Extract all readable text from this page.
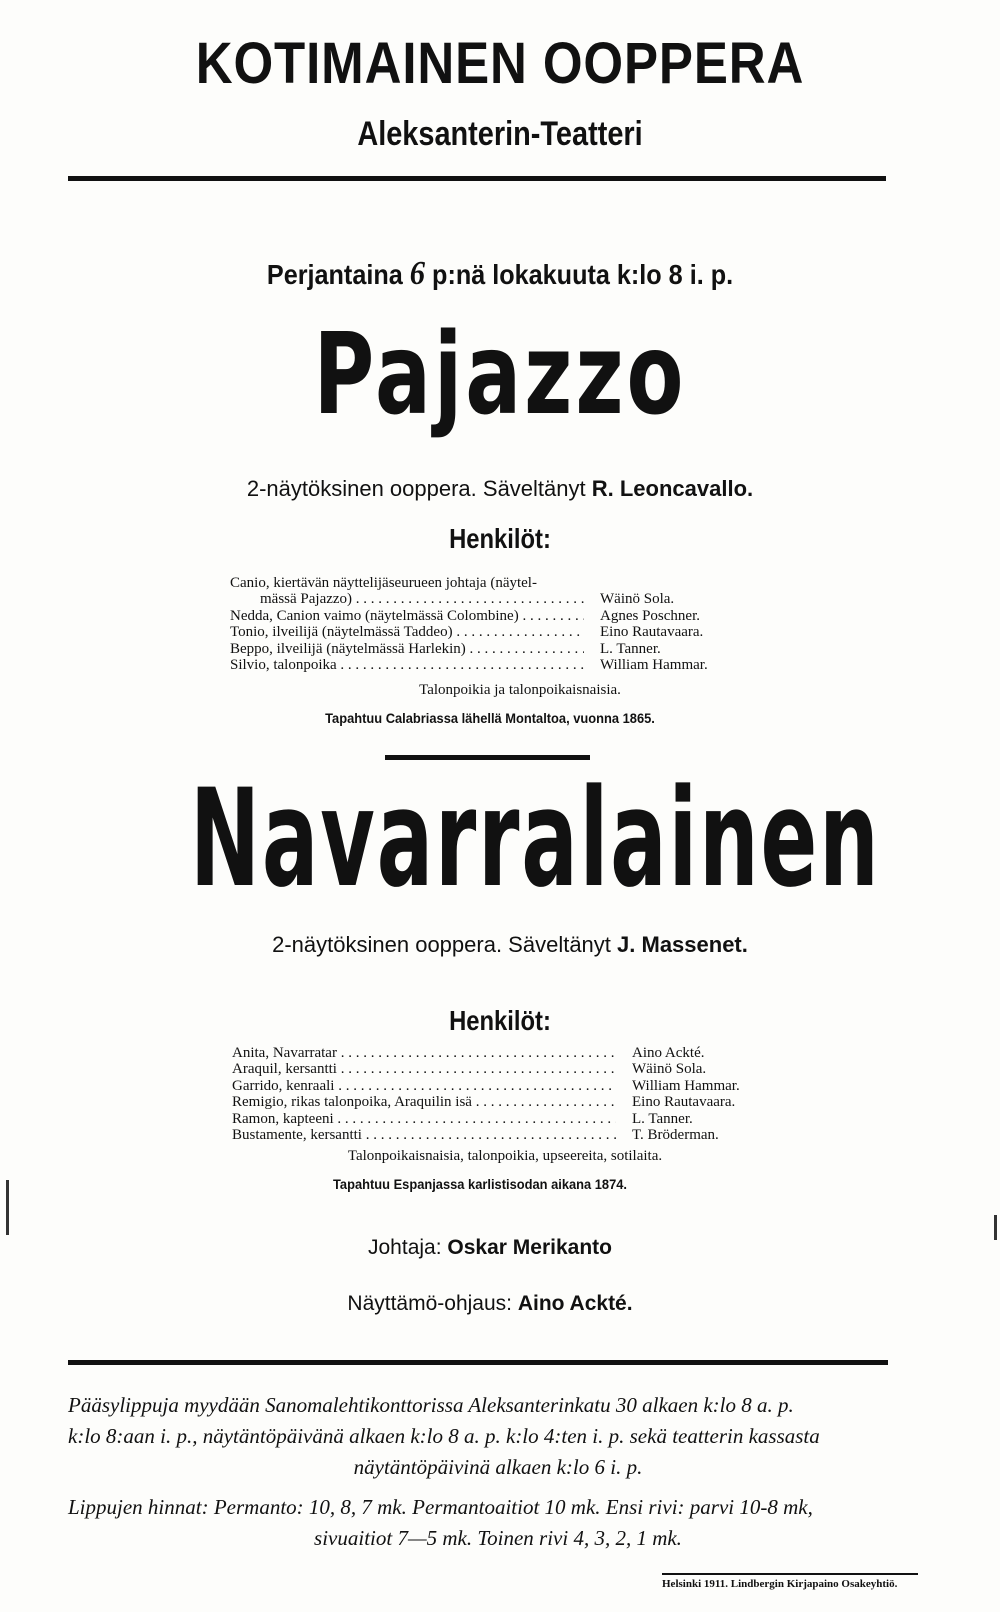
KOTIMAINEN OOPPERA
Aleksanterin-Teatteri
Perjantaina 6 p:nä lokakuuta k:lo 8 i. p.
Pajazzo
2-näytöksinen ooppera. Säveltänyt R. Leoncavallo.
Henkilöt:
Canio, kiertävän näyttelijäseurueen johtaja (näytel-
mässä Pajazzo) . . .	Wäinö Sola.
Nedda, Canion vaimo (näytelmässä Colombine) . . .	Agnes Poschner.
Tonio, ilveilijä (näytelmässä Taddeo) . . .	Eino Rautavaara.
Beppo, ilveilijä (näytelmässä Harlekin) . . .	L. Tanner.
Silvio, talonpoika . . .	William Hammar.
Talonpoikia ja talonpoikaisnaisia.
Tapahtuu Calabriassa lähellä Montaltoa, vuonna 1865.
Navarralainen
2-näytöksinen ooppera. Säveltänyt J. Massenet.
Henkilöt:
Anita, Navarratar . . .	Aino Ackté.
Araquil, kersantti . . .	Wäinö Sola.
Garrido, kenraali . . .	William Hammar.
Remigio, rikas talonpoika, Araquilin isä . . .	Eino Rautavaara.
Ramon, kapteeni . . .	L. Tanner.
Bustamente, kersantti . . .	T. Bröderman.
Talonpoikaisnaisia, talonpoikia, upseereita, sotilaita.
Tapahtuu Espanjassa karlistisodan aikana 1874.
Johtaja: Oskar Merikanto
Näyttämö-ohjaus: Aino Ackté.
Pääsylippuja myydään Sanomalehtikonttorissa Aleksanterinkatu 30 alkaen k:lo 8 a. p.
k:lo 8:aan i. p., näytäntöpäivänä alkaen k:lo 8 a. p. k:lo 4:ten i. p. sekä teatterin kassasta
näytäntöpäivinä alkaen k:lo 6 i. p.
Lippujen hinnat: Permanto: 10, 8, 7 mk. Permantoaitiot 10 mk. Ensi rivi: parvi 10-8 mk,
sivuaitiot 7—5 mk. Toinen rivi 4, 3, 2, 1 mk.
Helsinki 1911. Lindbergin Kirjapaino Osakeyhtiö.
